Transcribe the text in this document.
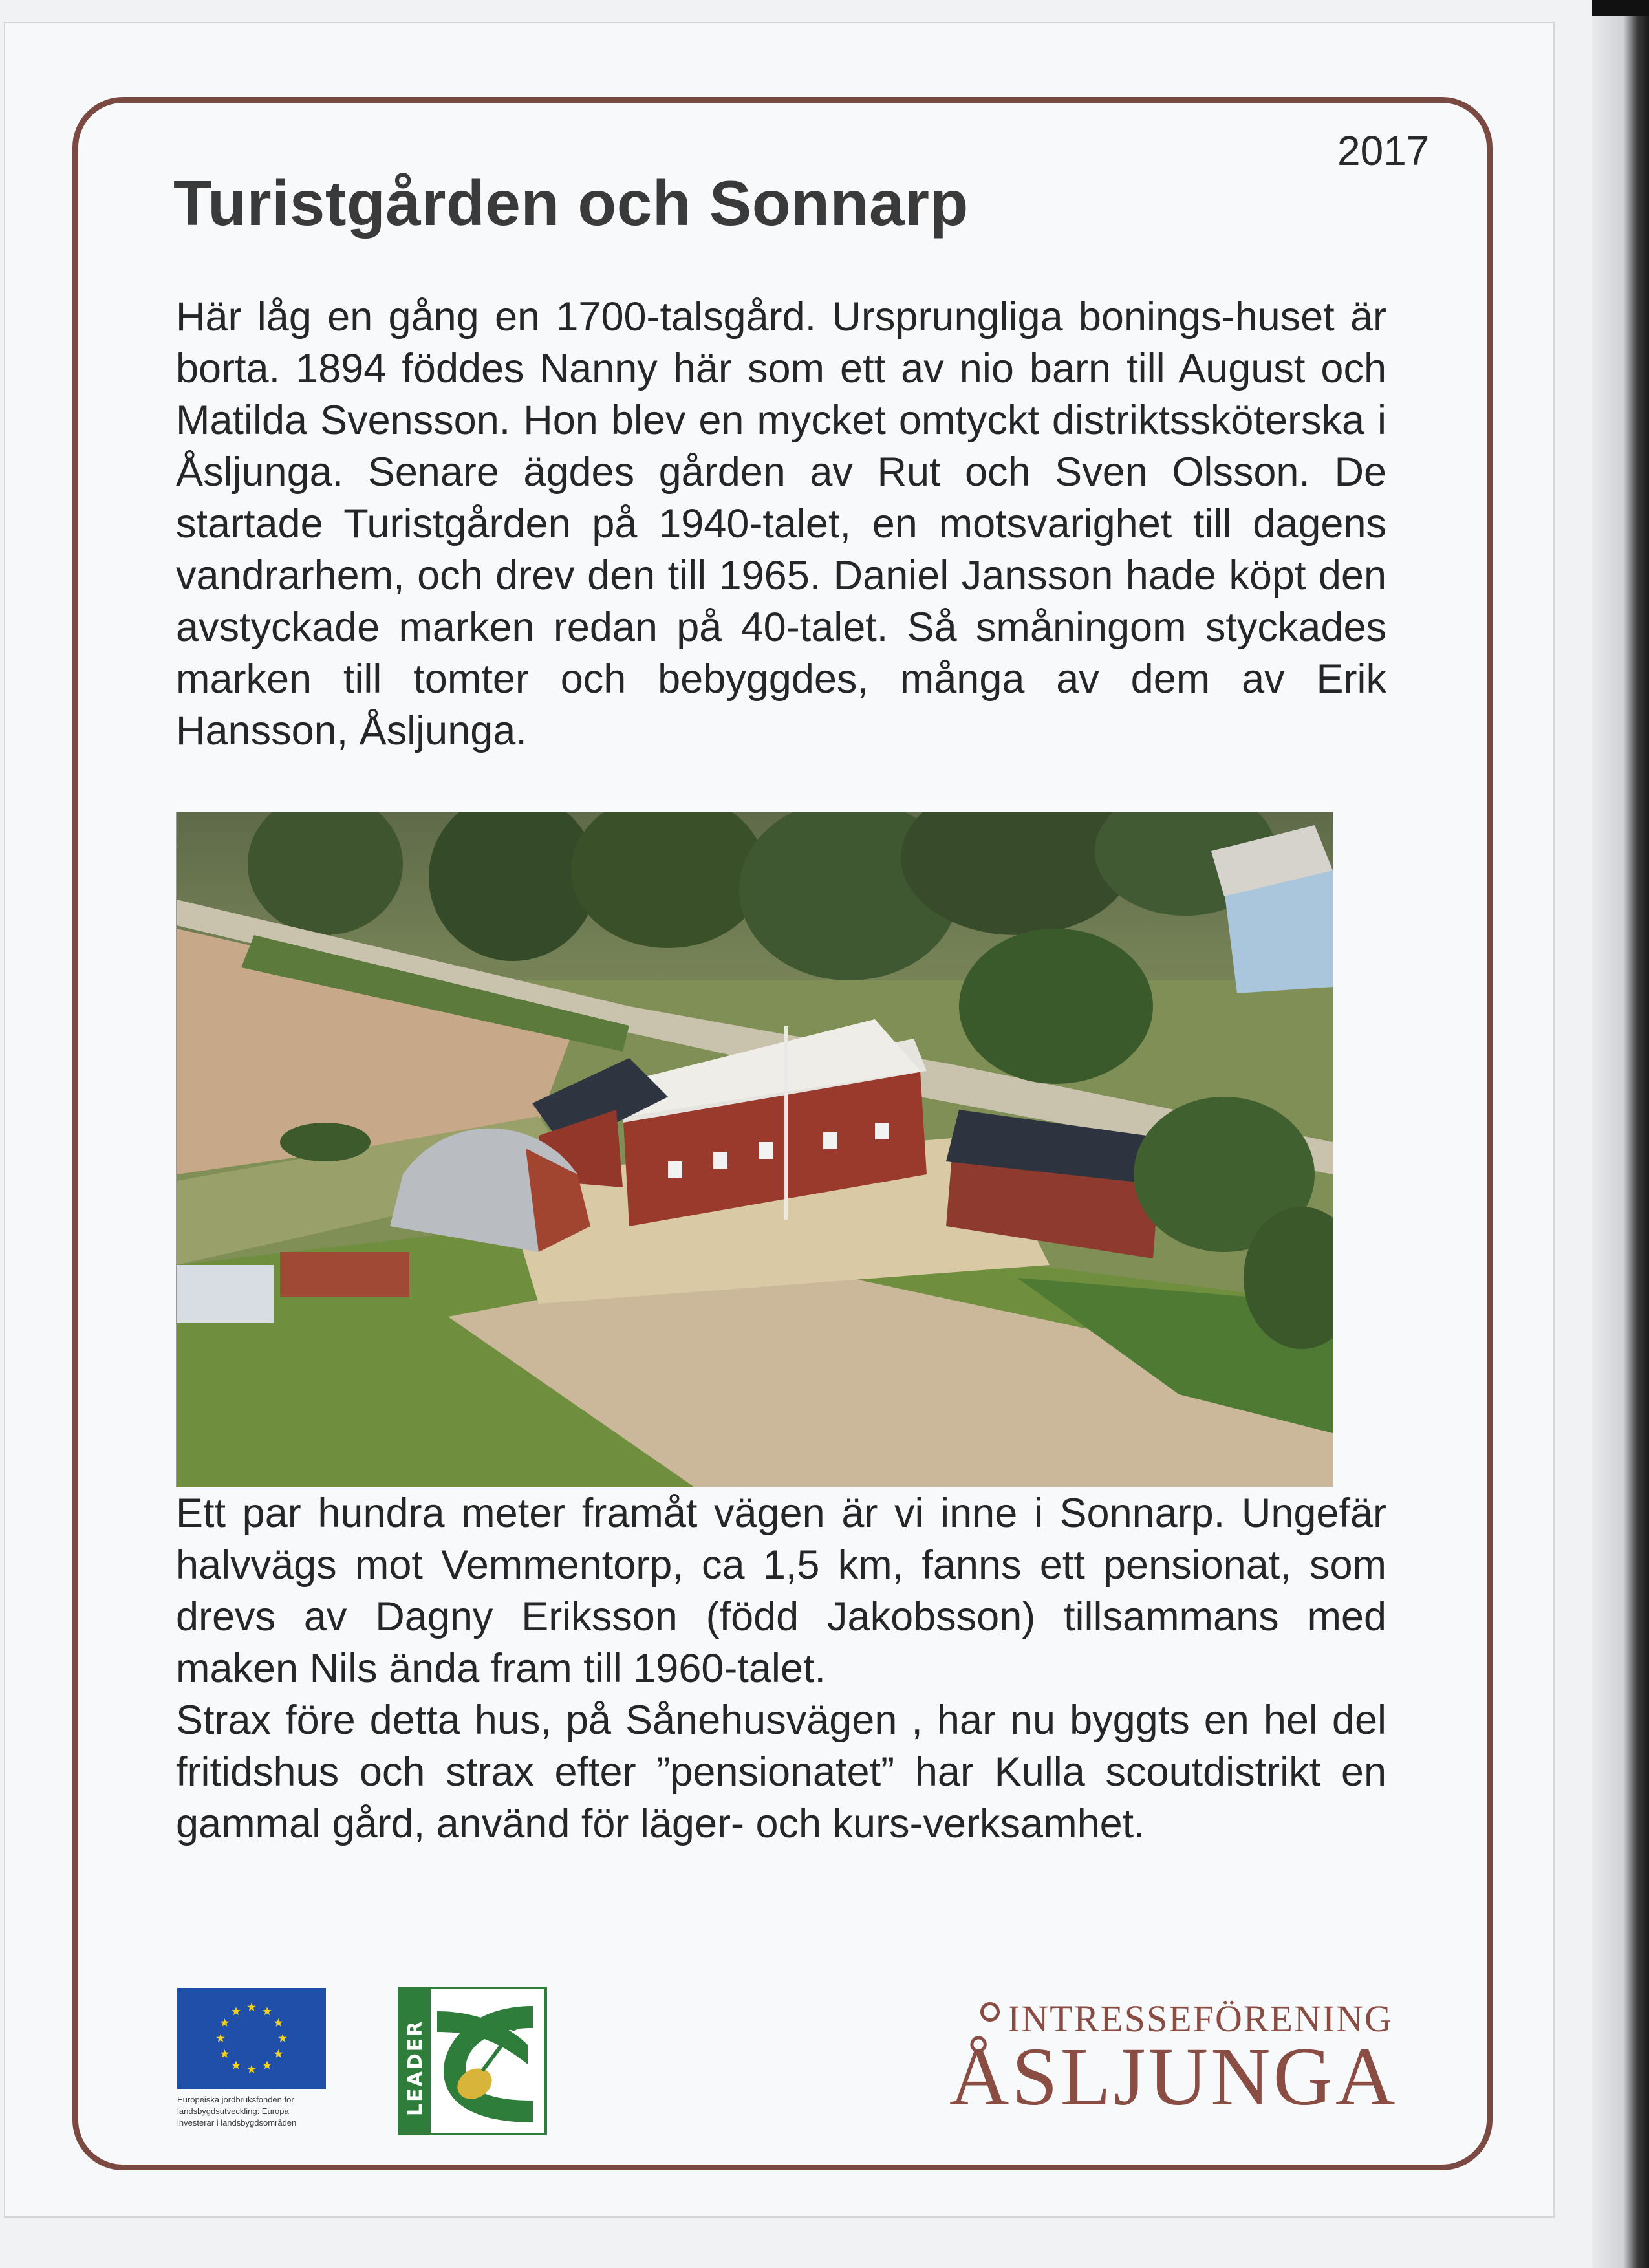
2017
Turistgården och Sonnarp

Här låg en gång en 1700-talsgård. Ursprungliga bonings-huset är borta. 1894 föddes Nanny här som ett av nio barn till August och Matilda Svensson. Hon blev en mycket omtyckt distriktssköterska i Åsljunga. Senare ägdes gården av Rut och Sven Olsson. De startade Turistgården på 1940-talet, en motsvarighet till dagens vandrarhem, och drev den till 1965. Daniel Jansson hade köpt den avstyckade marken redan på 40-talet. Så småningom styckades marken till tomter och bebyggdes, många av dem av Erik Hansson, Åsljunga.

Ett par hundra meter framåt vägen är vi inne i Sonnarp. Ungefär halvvägs mot Vemmentorp, ca 1,5 km, fanns ett pensionat, som drevs av Dagny Eriksson (född Jakobsson) tillsammans med maken Nils ända fram till 1960-talet.

Strax före detta hus, på Sånehusvägen , har nu byggts en hel del fritidshus och strax efter ”pensionatet” har Kulla scoutdistrikt en gammal gård, använd för läger- och kurs-verksamhet.

Europeiska jordbruksfonden för
landsbygdsutveckling: Europa
investerar i landsbygdsområden

LEADER
INTRESSEFÖRENING
ÅSLJUNGA
